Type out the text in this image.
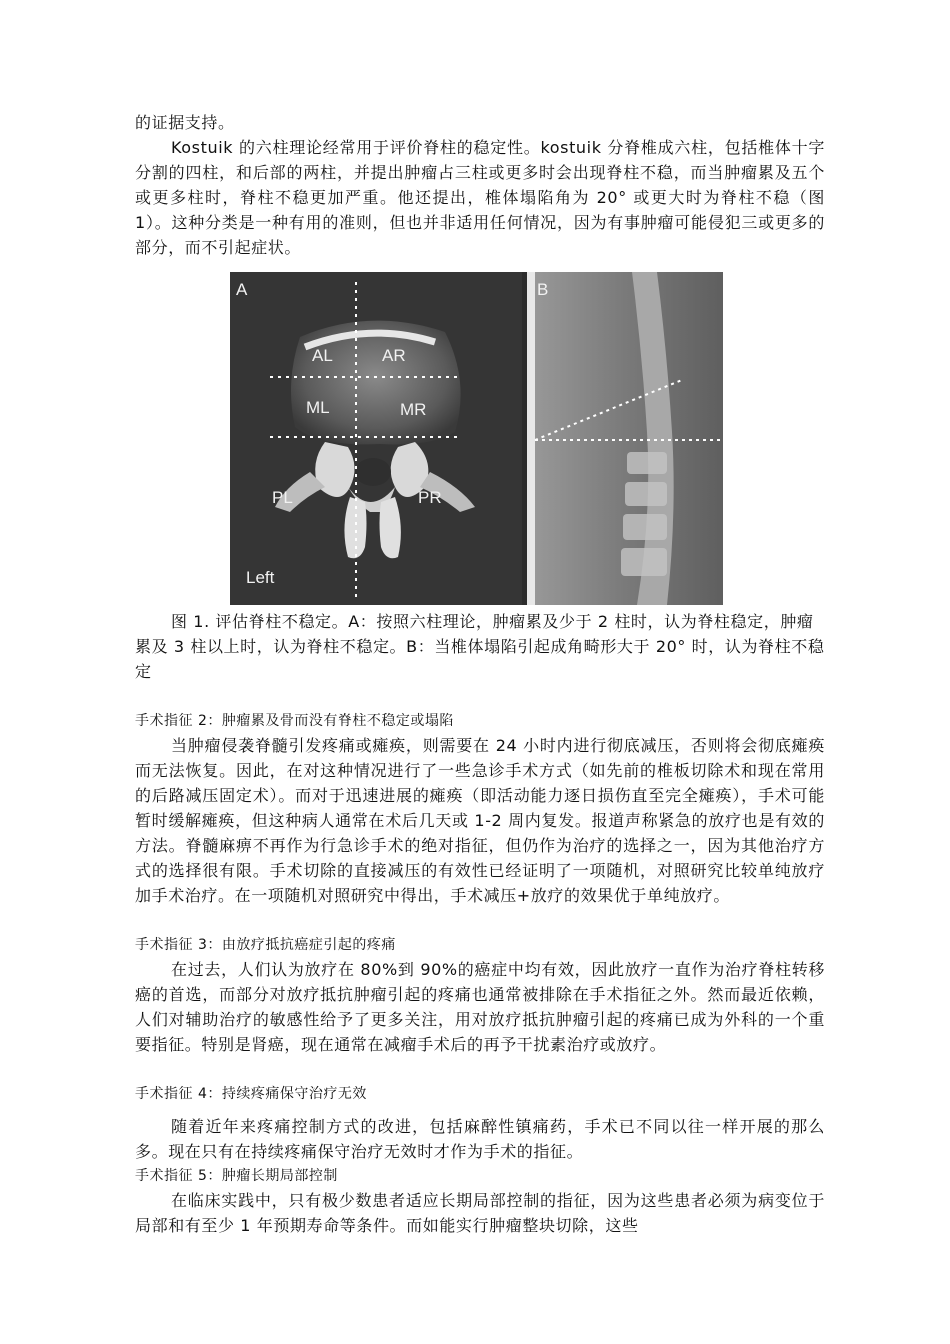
的证据支持。
Kostuik 的六柱理论经常用于评价脊柱的稳定性。kostuik 分脊椎成六柱，包括椎体十字分割的四柱，和后部的两柱，并提出肿瘤占三柱或更多时会出现脊柱不稳，而当肿瘤累及五个或更多柱时，脊柱不稳更加严重。他还提出，椎体塌陷角为 20° 或更大时为脊柱不稳（图 1）。这种分类是一种有用的准则，但也并非适用任何情况，因为有事肿瘤可能侵犯三或更多的部分，而不引起症状。
A
AL	AR
ML	MR
PL	PR
Left
B
图 1. 评估脊柱不稳定。A：按照六柱理论，肿瘤累及少于 2 柱时，认为脊柱稳定，肿瘤累及 3 柱以上时，认为脊柱不稳定。B：当椎体塌陷引起成角畸形大于 20° 时，认为脊柱不稳定
手术指征 2：肿瘤累及骨而没有脊柱不稳定或塌陷
当肿瘤侵袭脊髓引发疼痛或瘫痪，则需要在 24 小时内进行彻底减压，否则将会彻底瘫痪而无法恢复。因此，在对这种情况进行了一些急诊手术方式（如先前的椎板切除术和现在常用的后路减压固定术）。而对于迅速进展的瘫痪（即活动能力逐日损伤直至完全瘫痪），手术可能暂时缓解瘫痪，但这种病人通常在术后几天或 1-2 周内复发。报道声称紧急的放疗也是有效的方法。脊髓麻痹不再作为行急诊手术的绝对指征，但仍作为治疗的选择之一，因为其他治疗方式的选择很有限。手术切除的直接减压的有效性已经证明了一项随机，对照研究比较单纯放疗加手术治疗。在一项随机对照研究中得出，手术减压+放疗的效果优于单纯放疗。
手术指征 3：由放疗抵抗癌症引起的疼痛
在过去，人们认为放疗在 80%到 90%的癌症中均有效，因此放疗一直作为治疗脊柱转移癌的首选，而部分对放疗抵抗肿瘤引起的疼痛也通常被排除在手术指征之外。然而最近依赖，人们对辅助治疗的敏感性给予了更多关注，用对放疗抵抗肿瘤引起的疼痛已成为外科的一个重要指征。特别是肾癌，现在通常在减瘤手术后的再予干扰素治疗或放疗。
手术指征 4：持续疼痛保守治疗无效
随着近年来疼痛控制方式的改进，包括麻醉性镇痛药，手术已不同以往一样开展的那么多。现在只有在持续疼痛保守治疗无效时才作为手术的指征。
手术指征 5：肿瘤长期局部控制
在临床实践中，只有极少数患者适应长期局部控制的指征，因为这些患者必须为病变位于局部和有至少 1 年预期寿命等条件。而如能实行肿瘤整块切除，这些
